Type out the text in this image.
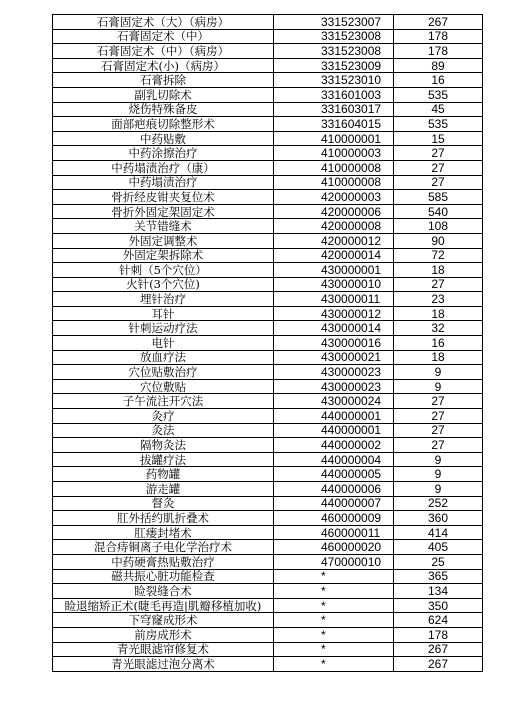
石膏固定术（大）（病房）	331523007	267
石膏固定术（中）	331523008	178
石膏固定术（中）（病房）	331523008	178
石膏固定术(小)（病房）	331523009	89
石膏拆除	331523010	16
副乳切除术	331601003	535
烧伤特殊备皮	331603017	45
面部疤痕切除整形术	331604015	535
中药贴敷	410000001	15
中药涂擦治疗	410000003	27
中药塌渍治疗（康）	410000008	27
中药塌渍治疗	410000008	27
骨折经皮钳夹复位术	420000003	585
骨折外固定架固定术	420000006	540
关节错缝术	420000008	108
外固定调整术	420000012	90
外固定架拆除术	420000014	72
针刺（5个穴位）	430000001	18
火针(3个穴位)	430000010	27
埋针治疗	430000011	23
耳针	430000012	18
针刺运动疗法	430000014	32
电针	430000016	16
放血疗法	430000021	18
穴位贴敷治疗	430000023	9
穴位敷贴	430000023	9
子午流注开穴法	430000024	27
灸疗	440000001	27
灸法	440000001	27
隔物灸法	440000002	27
拔罐疗法	440000004	9
药物罐	440000005	9
游走罐	440000006	9
督灸	440000007	252
肛外括约肌折叠术	460000009	360
肛瘘封堵术	460000011	414
混合痔铜离子电化学治疗术	460000020	405
中药硬膏热贴敷治疗	470000010	25
磁共振心脏功能检查	*	365
睑裂缝合术	*	134
睑退缩矫正术(睫毛再造|肌瓣移植加收)	*	350
下穹窿成形术	*	624
前房成形术	*	178
青光眼滤帘修复术	*	267
青光眼滤过泡分离术	*	267
